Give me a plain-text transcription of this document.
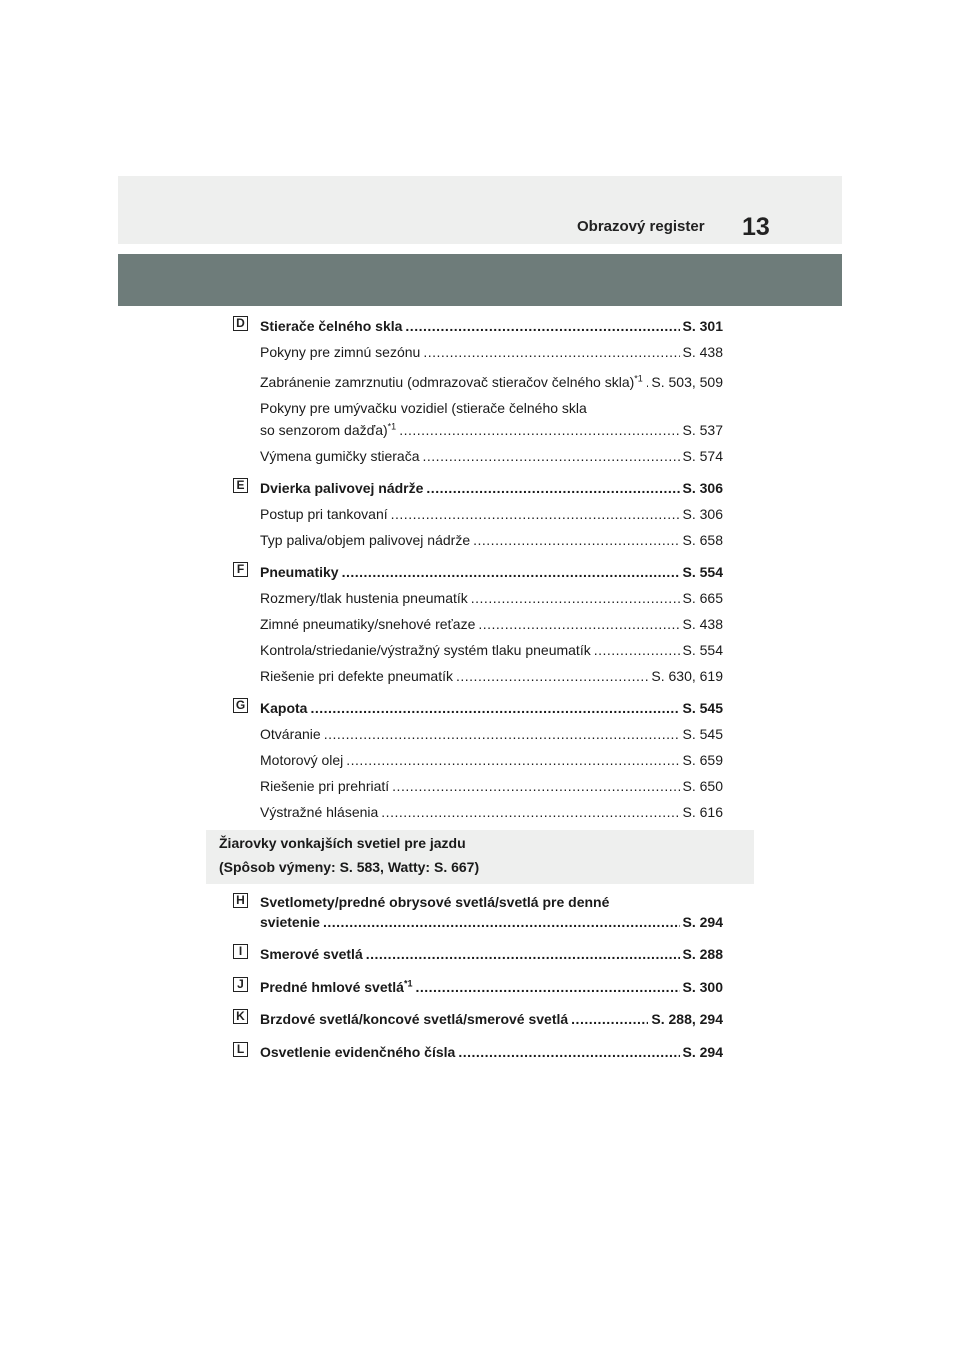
Obrazový register 13
D Stierače čelného skla .....	S. 301
Pokyny pre zimnú sezónu .....	S. 438
Zabránenie zamrznutiu (odmrazovač stieračov čelného skla)$^{*1}$ ..... S. 503, 509
Pokyny pre umývačku vozidiel (stierače čelného skla
so senzorom dažďa)$^{*1}$ .....	S. 537
Výmena gumičky stierača .....	S. 574
E Dvierka palivovej nádrže .....	S. 306
Postup pri tankovaní .....	S. 306
Typ paliva/objem palivovej nádrže .....	S. 658
F Pneumatiky .....	S. 554
Rozmery/tlak hustenia pneumatík .....	S. 665
Zimné pneumatiky/snehové reťaze .....	S. 438
Kontrola/striedanie/výstražný systém tlaku pneumatík .....	S. 554
Riešenie pri defekte pneumatík .....	S. 630, 619
G Kapota .....	S. 545
Otváranie .....	S. 545
Motorový olej .....	S. 659
Riešenie pri prehriatí .....	S. 650
Výstražné hlásenia .....	S. 616
Žiarovky vonkajších svetiel pre jazdu
(Spôsob výmeny: S. 583, Watty: S. 667)
H Svetlomety/predné obrysové svetlá/svetlá pre denné
svietenie .....	S. 294
I	Smerové svetlá .....	S. 288
J Predné hmlové svetlá$^{*1}$ .....	S. 300
K Brzdové svetlá/koncové svetlá/smerové svetlá .....	S. 288, 294
L Osvetlenie evidenčného čísla .....	S. 294
